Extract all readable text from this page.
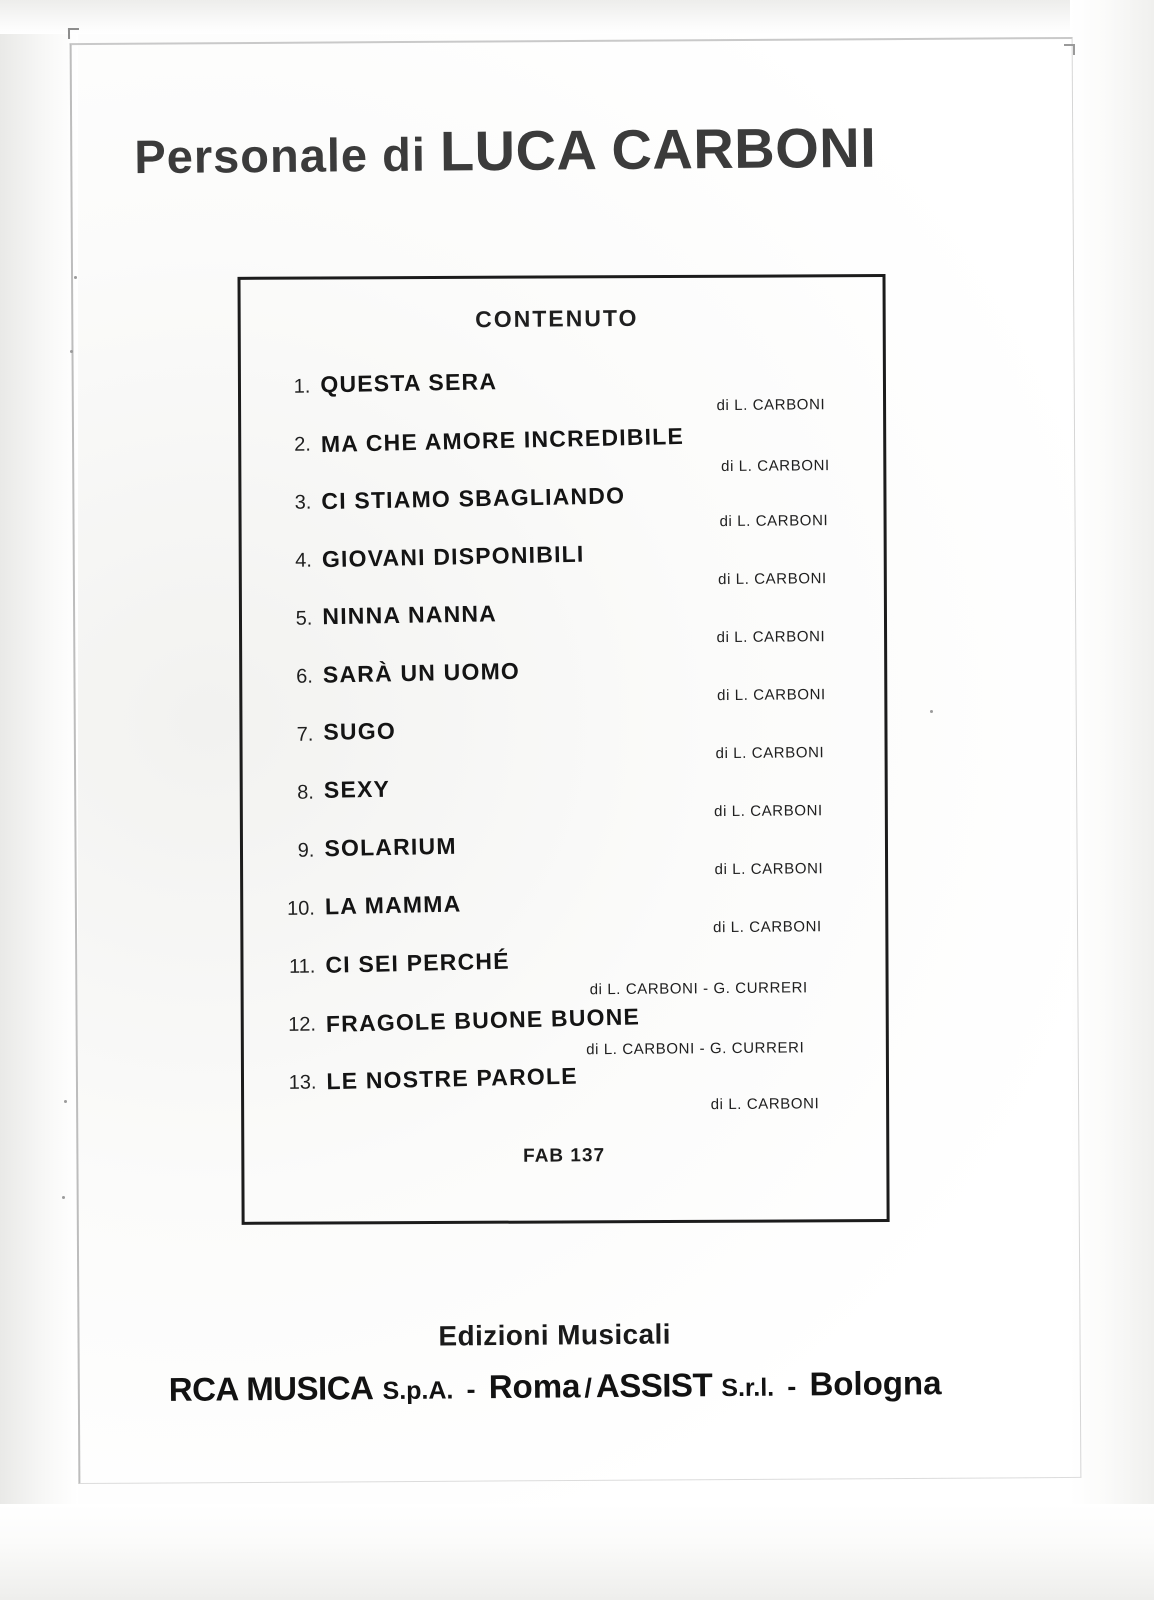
Personale di LUCA CARBONI
CONTENUTO
1. QUESTA SERA
di L. CARBONI
2. MA CHE AMORE INCREDIBILE
di L. CARBONI
3. CI STIAMO SBAGLIANDO
di L. CARBONI
4. GIOVANI DISPONIBILI
di L. CARBONI
5. NINNA NANNA
di L. CARBONI
6. SARÀ UN UOMO
di L. CARBONI
7. SUGO
di L. CARBONI
8. SEXY
di L. CARBONI
9. SOLARIUM
di L. CARBONI
10. LA MAMMA
di L. CARBONI
11. CI SEI PERCHÉ
di L. CARBONI - G. CURRERI
12. FRAGOLE BUONE BUONE
di L. CARBONI - G. CURRERI
13. LE NOSTRE PAROLE
di L. CARBONI
FAB 137
Edizioni Musicali
RCA MUSICA S.p.A. - Roma / ASSIST S.r.l. - Bologna
